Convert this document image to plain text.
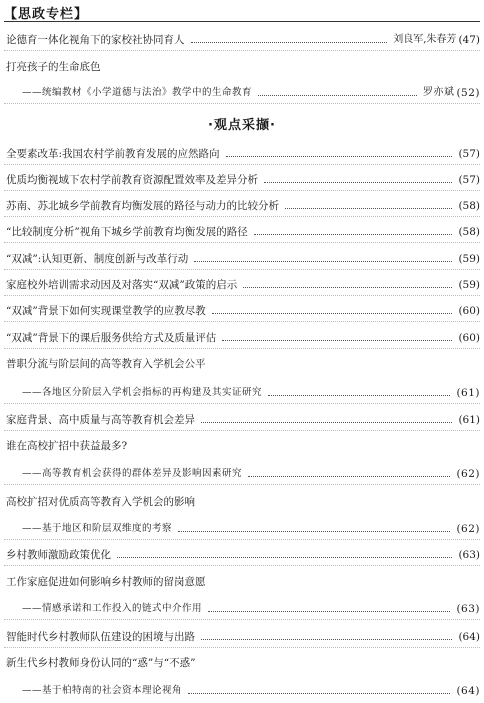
【思政专栏】
·观点采撷·
论德育一体化视角下的家校社协同育人	刘良军,朱春芳 (47)
打亮孩子的生命底色
——统编教材《小学道德与法治》教学中的生命教育	罗亦斌 (52)
全要素改革:我国农村学前教育发展的应然路向	(57)
优质均衡视域下农村学前教育资源配置效率及差异分析	(57)
苏南、苏北城乡学前教育均衡发展的路径与动力的比较分析	(58)
“比较制度分析”视角下城乡学前教育均衡发展的路径	(58)
“双减”:认知更新、制度创新与改革行动	(59)
家庭校外培训需求动因及对落实“双减”政策的启示	(59)
“双减”背景下如何实现课堂教学的应教尽教	(60)
“双减”背景下的课后服务供给方式及质量评估	(60)
普职分流与阶层间的高等教育入学机会公平
——各地区分阶层入学机会指标的再构建及其实证研究	(61)
家庭背景、高中质量与高等教育机会差异	(61)
谁在高校扩招中获益最多?
——高等教育机会获得的群体差异及影响因素研究	(62)
高校扩招对优质高等教育入学机会的影响
——基于地区和阶层双维度的考察	(62)
乡村教师激励政策优化	(63)
工作家庭促进如何影响乡村教师的留岗意愿
——情感承诺和工作投入的链式中介作用	(63)
智能时代乡村教师队伍建设的困境与出路	(64)
新生代乡村教师身份认同的“惑”与“不惑”
——基于柏特南的社会资本理论视角	(64)
